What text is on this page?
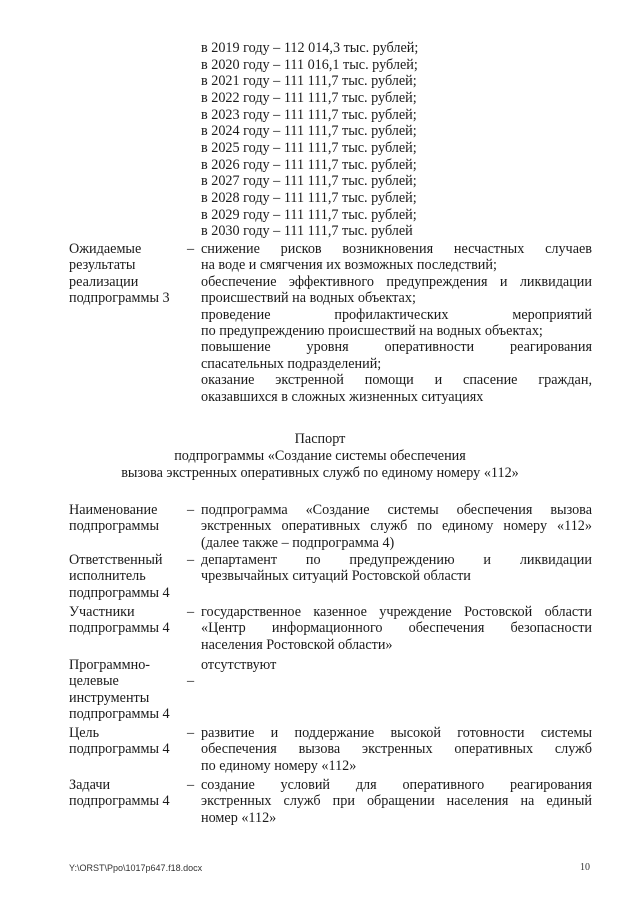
в 2019 году – 112 014,3 тыс. рублей;
в 2020 году – 111 016,1 тыс. рублей;
в 2021 году – 111 111,7 тыс. рублей;
в 2022 году – 111 111,7 тыс. рублей;
в 2023 году – 111 111,7 тыс. рублей;
в 2024 году – 111 111,7 тыс. рублей;
в 2025 году – 111 111,7 тыс. рублей;
в 2026 году – 111 111,7 тыс. рублей;
в 2027 году – 111 111,7 тыс. рублей;
в 2028 году – 111 111,7 тыс. рублей;
в 2029 году – 111 111,7 тыс. рублей;
в 2030 году – 111 111,7 тыс. рублей
Ожидаемые
результаты
реализации
подпрограммы 3
– снижение рисков возникновения несчастных случаев
на воде и смягчения их возможных последствий;
обеспечение эффективного предупреждения и ликвидации
происшествий на водных объектах;
проведение профилактических мероприятий
по предупреждению происшествий на водных объектах;
повышение уровня оперативности реагирования
спасательных подразделений;
оказание экстренной помощи и спасение граждан,
оказавшихся в сложных жизненных ситуациях
Паспорт
подпрограммы «Создание системы обеспечения
вызова экстренных оперативных служб по единому номеру «112»
Наименование
подпрограммы
– подпрограмма «Создание системы обеспечения вызова
экстренных оперативных служб по единому номеру «112»
(далее также – подпрограмма 4)
Ответственный
исполнитель
подпрограммы 4
– департамент по предупреждению и ликвидации
чрезвычайных ситуаций Ростовской области
Участники
подпрограммы 4
– государственное казенное учреждение Ростовской области
«Центр информационного обеспечения безопасности
населения Ростовской области»
Программно-
целевые
инструменты
подпрограммы 4
–
отсутствуют
Цель
подпрограммы 4
– развитие и поддержание высокой готовности системы
обеспечения вызова экстренных оперативных служб
по единому номеру «112»
Задачи
подпрограммы 4
– создание условий для оперативного реагирования
экстренных служб при обращении населения на единый
номер «112»
Y:\ORST\Ppo\1017p647.f18.docx	10
